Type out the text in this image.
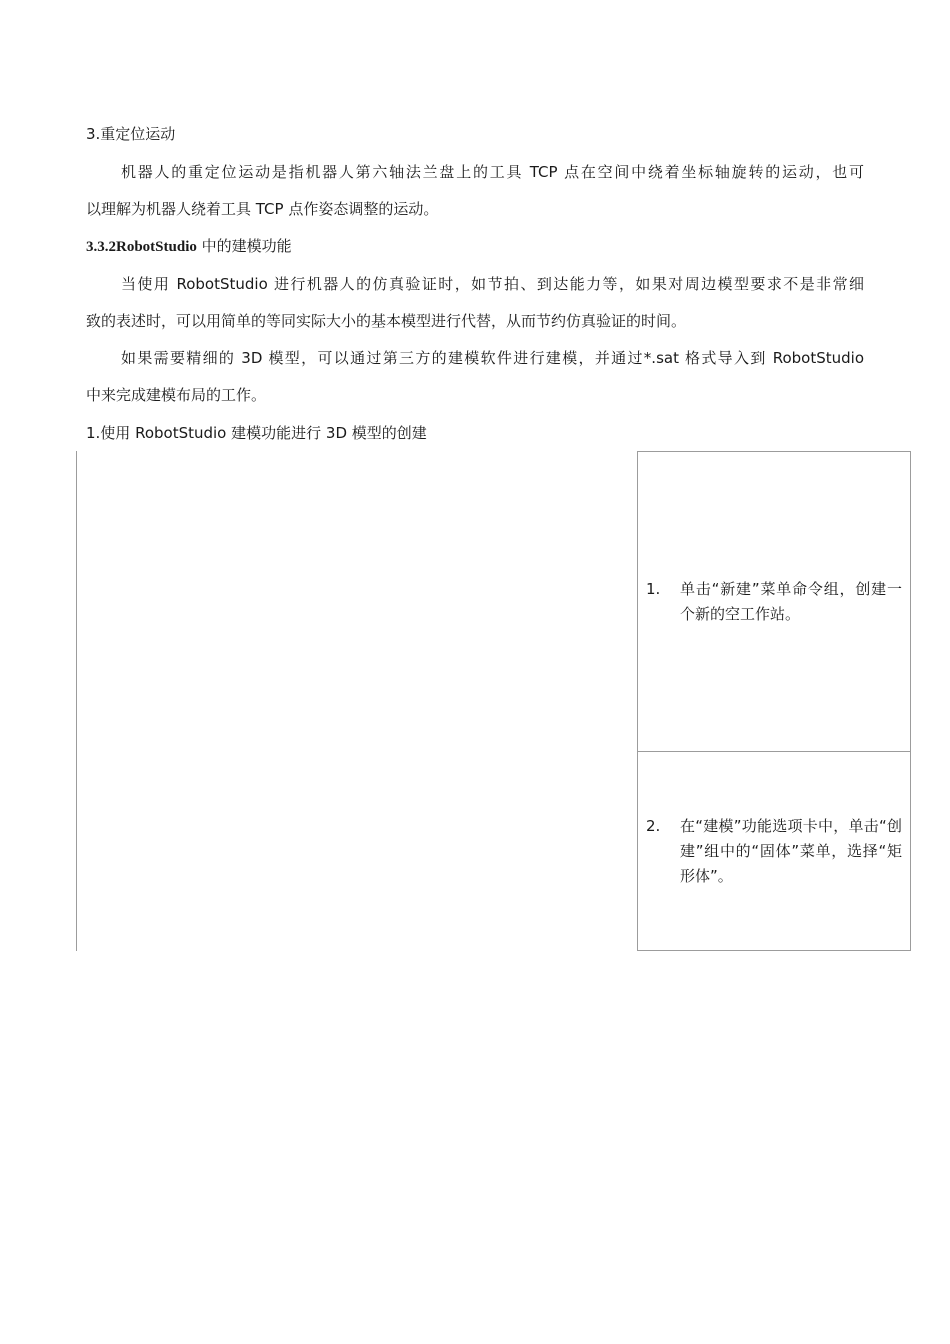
3.重定位运动
机器人的重定位运动是指机器人第六轴法兰盘上的工具 TCP 点在空间中绕着坐标轴旋转的运动，也可
以理解为机器人绕着工具 TCP 点作姿态调整的运动。
3.3.2RobotStudio 中的建模功能
当使用 RobotStudio 进行机器人的仿真验证时，如节拍、到达能力等，如果对周边模型要求不是非常细
致的表述时，可以用简单的等同实际大小的基本模型进行代替，从而节约仿真验证的时间。
如果需要精细的 3D 模型，可以通过第三方的建模软件进行建模，并通过*.sat 格式导入到 RobotStudio
中来完成建模布局的工作。
1.使用 RobotStudio 建模功能进行 3D 模型的创建
1.	单击“新建”菜单命令组，创建一个新的空工作站。
2.	在“建模”功能选项卡中，单击“创建”组中的“固体”菜单，选择“矩形体”。
